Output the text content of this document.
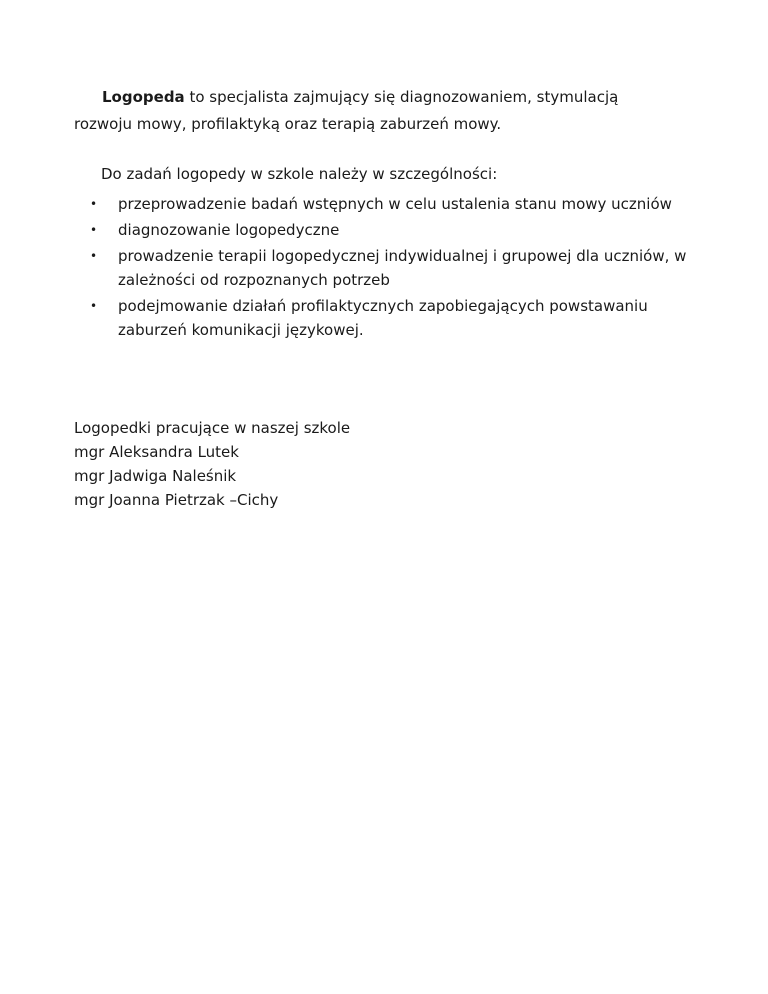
Logopeda to specjalista zajmujący się diagnozowaniem, stymulacją rozwoju mowy, profilaktyką oraz terapią zaburzeń mowy.

Do zadań logopedy w szkole należy w szczególności:

• przeprowadzenie badań wstępnych w celu ustalenia stanu mowy uczniów
• diagnozowanie logopedyczne
• prowadzenie terapii logopedycznej indywidualnej i grupowej dla uczniów, w zależności od rozpoznanych potrzeb
• podejmowanie działań profilaktycznych zapobiegających powstawaniu zaburzeń komunikacji językowej.
Logopedki pracujące w naszej szkole
mgr Aleksandra Lutek
mgr Jadwiga Naleśnik
mgr Joanna Pietrzak –Cichy
